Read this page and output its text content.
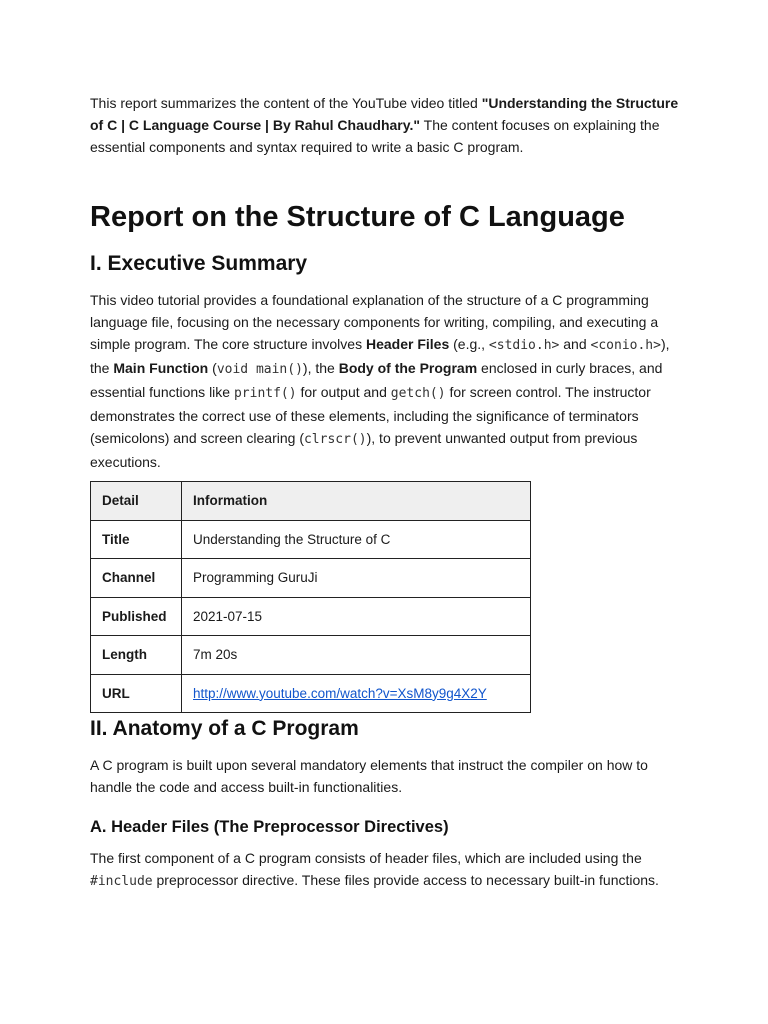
This report summarizes the content of the YouTube video titled "Understanding the Structure of C | C Language Course | By Rahul Chaudhary." The content focuses on explaining the essential components and syntax required to write a basic C program.

Report on the Structure of C Language
I. Executive Summary

This video tutorial provides a foundational explanation of the structure of a C programming language file, focusing on the necessary components for writing, compiling, and executing a simple program. The core structure involves Header Files (e.g., <stdio.h> and <conio.h>), the Main Function (void main()), the Body of the Program enclosed in curly braces, and essential functions like printf() for output and getch() for screen control. The instructor demonstrates the correct use of these elements, including the significance of terminators (semicolons) and screen clearing (clrscr()), to prevent unwanted output from previous executions.

Detail	Information
Title	Understanding the Structure of C
Channel	Programming GuruJi
Published	2021-07-15
Length	7m 20s
URL	http://www.youtube.com/watch?v=XsM8y9g4X2Y
II. Anatomy of a C Program

A C program is built upon several mandatory elements that instruct the compiler on how to handle the code and access built-in functionalities.

A. Header Files (The Preprocessor Directives)

The first component of a C program consists of header files, which are included using the #include preprocessor directive. These files provide access to necessary built-in functions.
